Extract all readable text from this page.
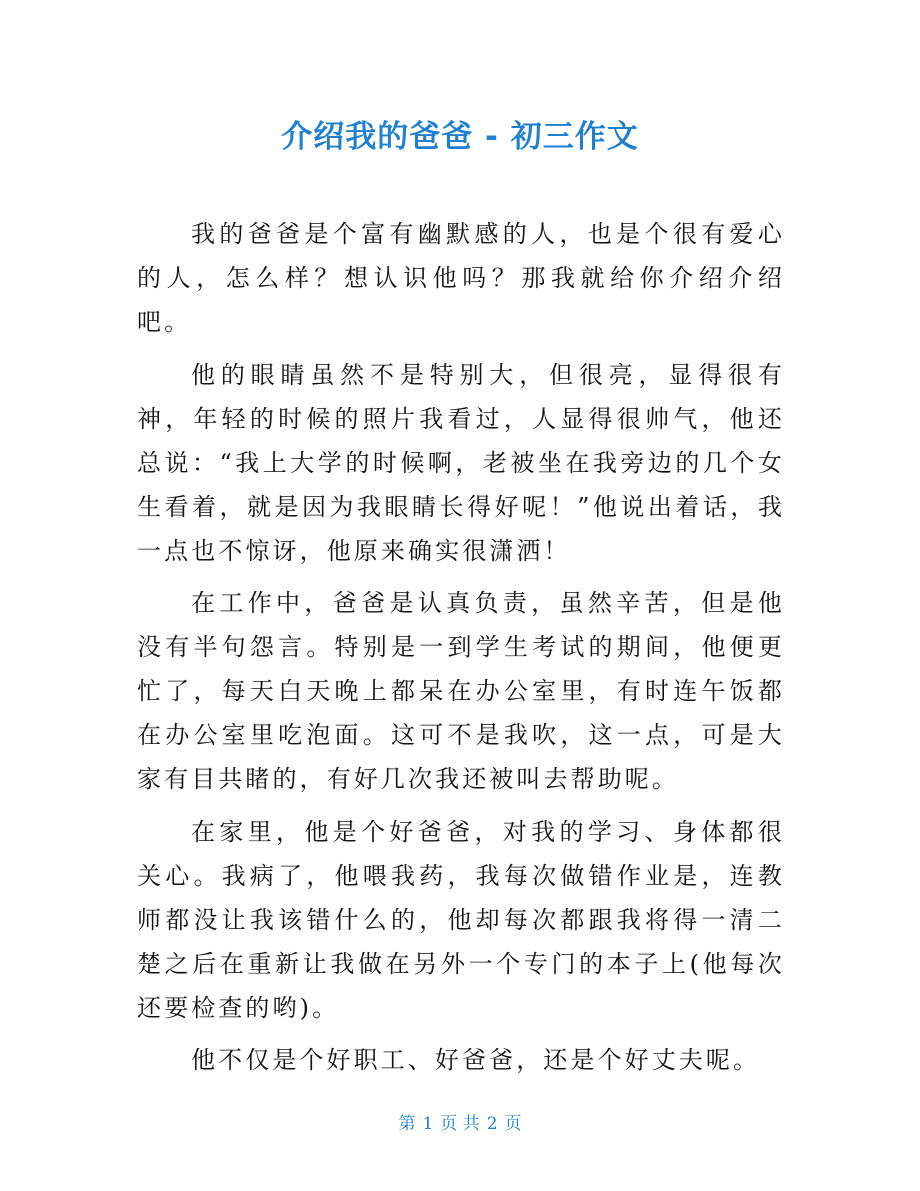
介绍我的爸爸 - 初三作文

我的爸爸是个富有幽默感的人，也是个很有爱心的人，怎么样？想认识他吗？那我就给你介绍介绍吧。

他的眼睛虽然不是特别大，但很亮，显得很有神，年轻的时候的照片我看过，人显得很帅气，他还总说：“我上大学的时候啊，老被坐在我旁边的几个女生看着，就是因为我眼睛长得好呢！”他说出着话，我一点也不惊讶，他原来确实很潇洒！

在工作中，爸爸是认真负责，虽然辛苦，但是他没有半句怨言。特别是一到学生考试的期间，他便更忙了，每天白天晚上都呆在办公室里，有时连午饭都在办公室里吃泡面。这可不是我吹，这一点，可是大家有目共睹的，有好几次我还被叫去帮助呢。

在家里，他是个好爸爸，对我的学习、身体都很关心。我病了，他喂我药，我每次做错作业是，连教师都没让我该错什么的，他却每次都跟我将得一清二楚之后在重新让我做在另外一个专门的本子上(他每次还要检查的哟)。

他不仅是个好职工、好爸爸，还是个好丈夫呢。

第 1 页 共 2 页
